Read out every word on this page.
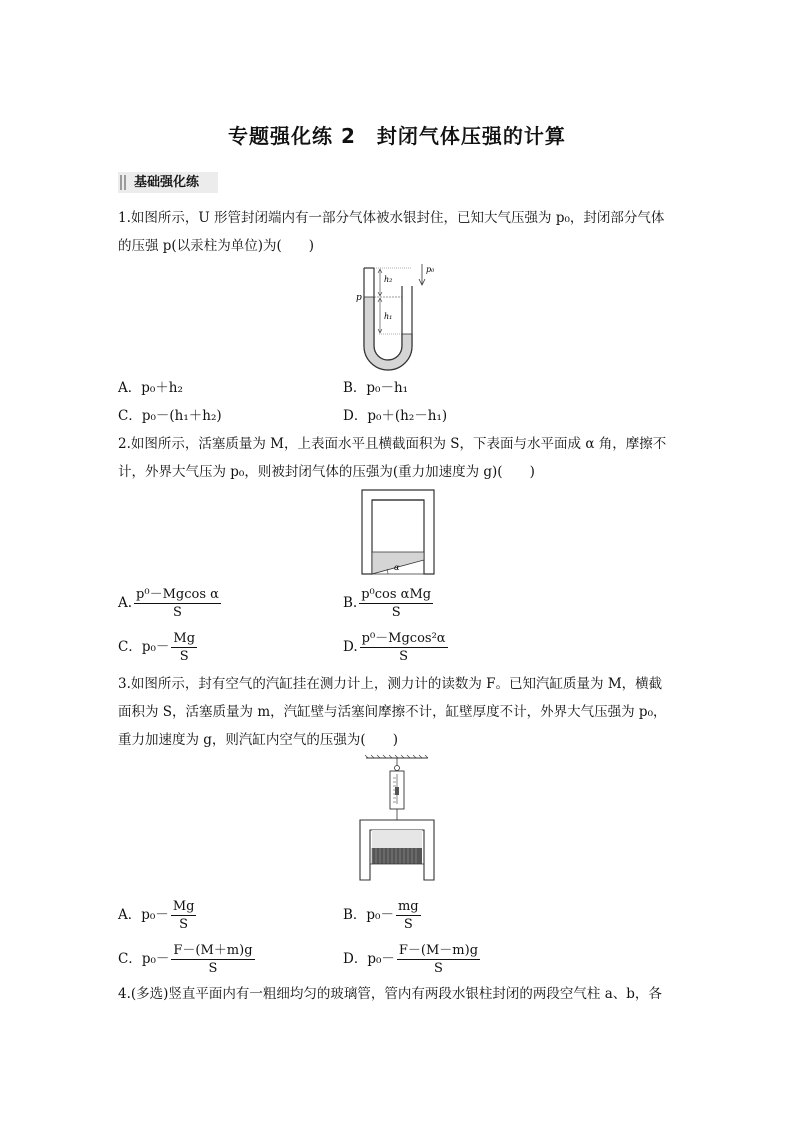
专题强化练 2　封闭气体压强的计算
基础强化练
1.如图所示，U 形管封闭端内有一部分气体被水银封住，已知大气压强为 p₀，封闭部分气体
的压强 p(以汞柱为单位)为(　　)
h₂
h₁
p
p₀
A．p₀＋h₂	B．p₀－h₁
C．p₀－(h₁＋h₂)	D．p₀＋(h₂－h₁)
2.如图所示，活塞质量为 M，上表面水平且横截面积为 S，下表面与水平面成 α 角，摩擦不
计，外界大气压为 p₀，则被封闭气体的压强为(重力加速度为 g)(　　)
α
A. $\frac{\text{p⁰－Mgcos α}}{S}$	B. $\frac{\text{p⁰cos αMg}}{S}$
C．$p_0- \frac{Mg}{S}$	D. $\frac{\text{p⁰－Mgcos²α}}{S}$
3.如图所示，封有空气的汽缸挂在测力计上，测力计的读数为 F。已知汽缸质量为 M，横截
面积为 S，活塞质量为 m，汽缸壁与活塞间摩擦不计，缸壁厚度不计，外界大气压强为 p₀，
重力加速度为 g，则汽缸内空气的压强为(　　)
A．$p_0- \frac{Mg}{S}$	B．$p_0- \frac{mg}{S}$
C．$p_0- \frac{F-(M+m)g}{S}$	D．$p_0- \frac{F-(M-m)g}{S}$
4.(多选)竖直平面内有一粗细均匀的玻璃管，管内有两段水银柱封闭的两段空气柱 a、b，各
